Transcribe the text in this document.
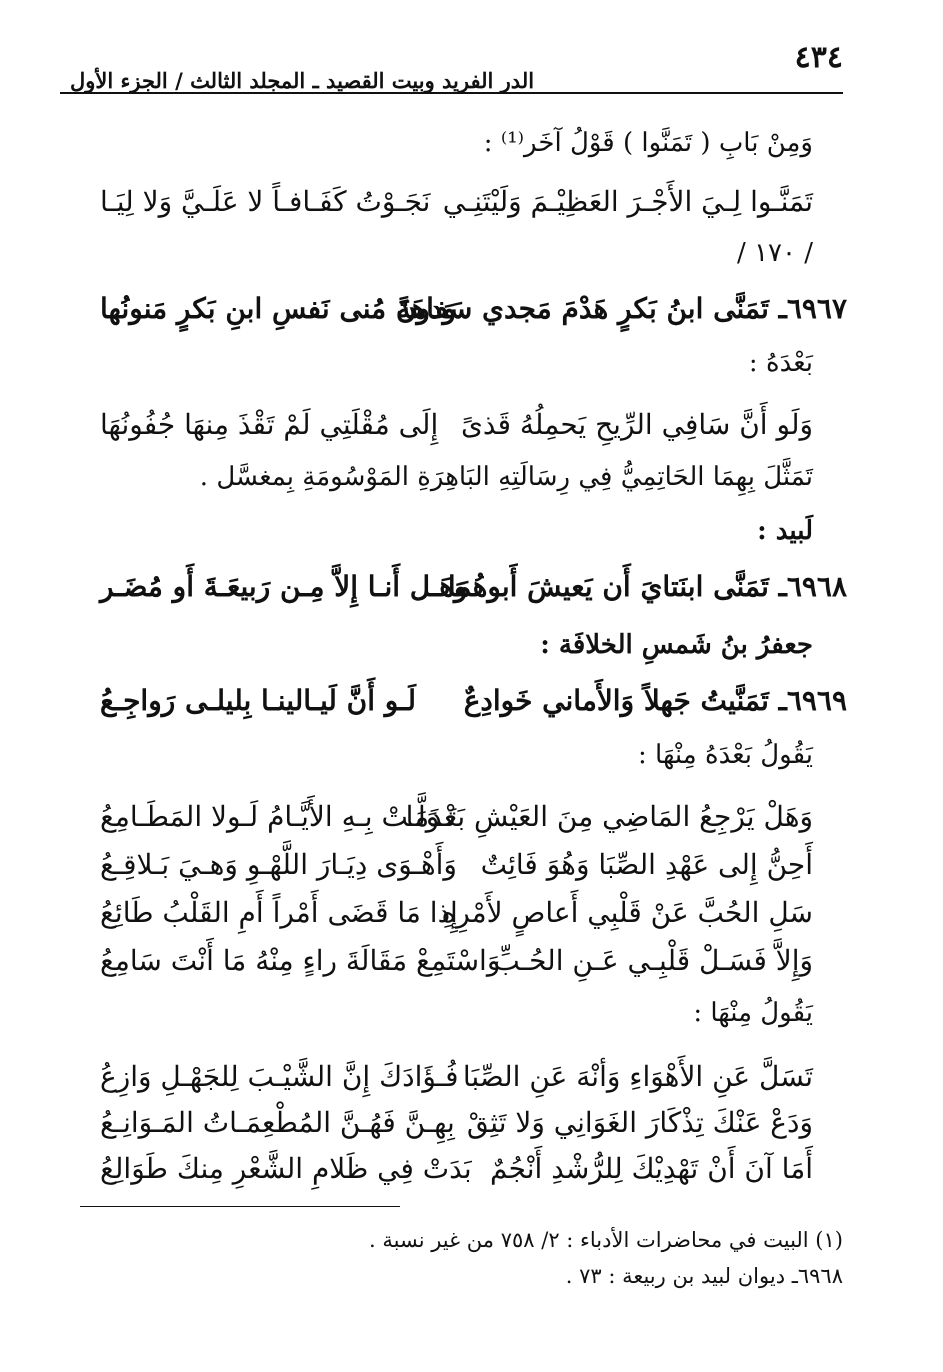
٤٣٤
الدر الفريد وبيت القصيد ـ المجلد الثالث / الجزء الأول
وَمِنْ بَابِ ( تَمَنَّوا ) قَوْلُ آخَر⁽¹⁾ :
تَمَنَّـوا لِـيَ الأَجْـرَ العَظِيْـمَ وَلَيْتَنِـي
نَجَـوْتُ كَفَـافـاً لا عَلَـيَّ وَلا لِيَـا
/ ١٧٠ /
٦٩٦٧ـ تَمَنَّى ابنُ بَكرٍ هَدْمَ مَجدي سَفاهَةً
وَدونَ مُنى نَفسِ ابنِ بَكرٍ مَنونُها
بَعْدَهُ :
وَلَو أَنَّ سَافِي الرِّيحِ يَحمِلُهُ قَذىً
إِلَى مُقْلَتِي لَمْ تَقْذَ مِنهَا جُفُونُهَا
تَمَثَّلَ بِهِمَا الحَاتِمِيُّ فِي رِسَالَتِهِ البَاهِرَةِ المَوْسُومَةِ بِمغسَّل .
لَبيد :
٦٩٦٨ـ تَمَنَّى ابنَتايَ أَن يَعيشَ أَبوهُمَا
وَهَـل أَنـا إِلاَّ مِـن رَبيعَـةَ أَو مُضَـر
جعفرُ بنُ شَمسِ الخلافَة :
٦٩٦٩ـ تَمَنَّيتُ جَهلاً وَالأَماني خَوادِعٌ
لَـو أَنَّ لَيـالينـا بِليلـى رَواجِـعُ
يَقُولُ بَعْدَهُ مِنْهَا :
وَهَلْ يَرْجِعُ المَاضِي مِنَ العَيْشِ بَعْدَمَا
تَـوَلَّـتْ بِـهِ الأَيَّـامُ لَـولا المَطَـامِعُ
أَحِنُّ إِلى عَهْدِ الصِّبَا وَهُوَ فَائِتٌ
وَأَهْـوَى دِيَـارَ اللَّهْـوِ وَهـيَ بَـلاقِـعُ
سَلِ الحُبَّ عَنْ قَلْبِي أَعاصٍ لأَمْرِهِ
إِذا مَا قَضَى أَمْراً أَمِ القَلْبُ طَائِعُ
وَإِلاَّ فَسَـلْ قَلْبِـي عَـنِ الحُـبِّ
وَاسْتَمِعْ مَقَالَةَ راءٍ مِنْهُ مَا أَنْتَ سَامِعُ
يَقُولُ مِنْهَا :
تَسَلَّ عَنِ الأَهْوَاءِ وَأنْهَ عَنِ الصِّبَا
فُـؤَادَكَ إِنَّ الشَّيْـبَ لِلجَهْـلِ وَازِعُ
وَدَعْ عَنْكَ تِذْكَارَ الغَوَانِي وَلا تَثِقْ
بِهِـنَّ فَهُـنَّ المُطْعِمَـاتُ المَـوَانِـعُ
أَمَا آنَ أَنْ تَهْدِيْكَ لِلرُّشْدِ أَنْجُمٌ
بَدَتْ فِي ظَلامِ الشَّعْرِ مِنكَ طَوَالِعُ
(١) البيت في محاضرات الأدباء : ٢/ ٧٥٨ من غير نسبة .
٦٩٦٨ـ ديوان لبيد بن ربيعة : ٧٣ .
